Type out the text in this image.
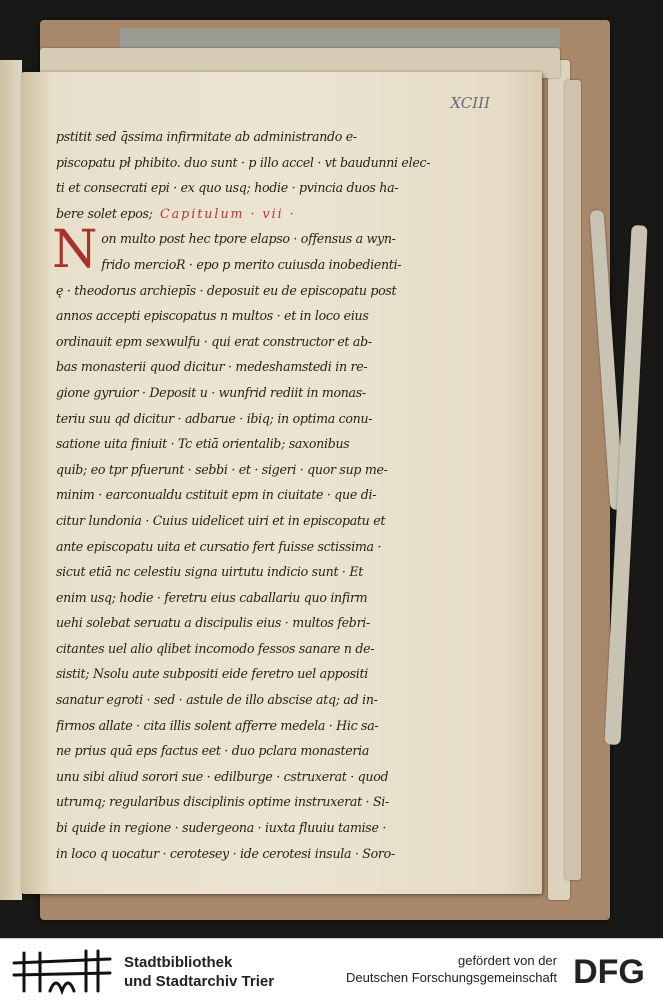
XCIII
pstitit sed q̄ssima infirmitate ab administrando e-
piscopatu pł phibito. duo sunt · p illo accel · vt baudunni elec-
ti et consecrati epi · ex quo usq; hodie · pvincia duos ha-
bere solet epos; Capitulum · vii ·
N on multo post hec tpore elapso · offensus a wyn-
frido mercioR · epo p merito cuiusda inobedienti-
ę · theodorus archiepīs · deposuit eu de episcopatu post
annos accepti episcopatus n multos · et in loco eius
ordinauit epm sexwulfu · qui erat constructor et ab-
bas monasterii quod dicitur · medeshamstedi in re-
gione gyruior · Deposit u · wunfrid rediit in monas-
teriu suu qd dicitur · adbarue · ibiq; in optima conu-
satione uita finiuit · Tc etiā orientalib; saxonibus
quib; eo tpr pfuerunt · sebbi · et · sigeri · quor sup me-
minim · earconualdu cstituit epm in ciuitate · que di-
citur lundonia · Cuius uidelicet uiri et in episcopatu et
ante episcopatu uita et cursatio fert fuisse sctissima ·
sicut etiā nc celestiu signa uirtutu indicio sunt · Et
enim usq; hodie · feretru eius caballariu quo infirm
uehi solebat seruatu a discipulis eius · multos febri-
citantes uel alio qlibet incomodo fessos sanare n de-
sistit; Nsolu aute subpositi eide feretro uel appositi
sanatur egroti · sed · astule de illo abscise atq; ad in-
firmos allate · cita illis solent afferre medela · Hic sa-
ne prius quā eps factus eet · duo pclara monasteria
unu sibi aliud sorori sue · edilburge · cstruxerat · quod
utrumq; regularibus disciplinis optime instruxerat · Si-
bi quide in regione · sudergeona · iuxta fluuiu tamise ·
in loco q uocatur · cerotesey · ide cerotesi insula · Soro-
Stadtbibliothek
und Stadtarchiv Trier
gefördert von der
Deutschen Forschungsgemeinschaft DFG
